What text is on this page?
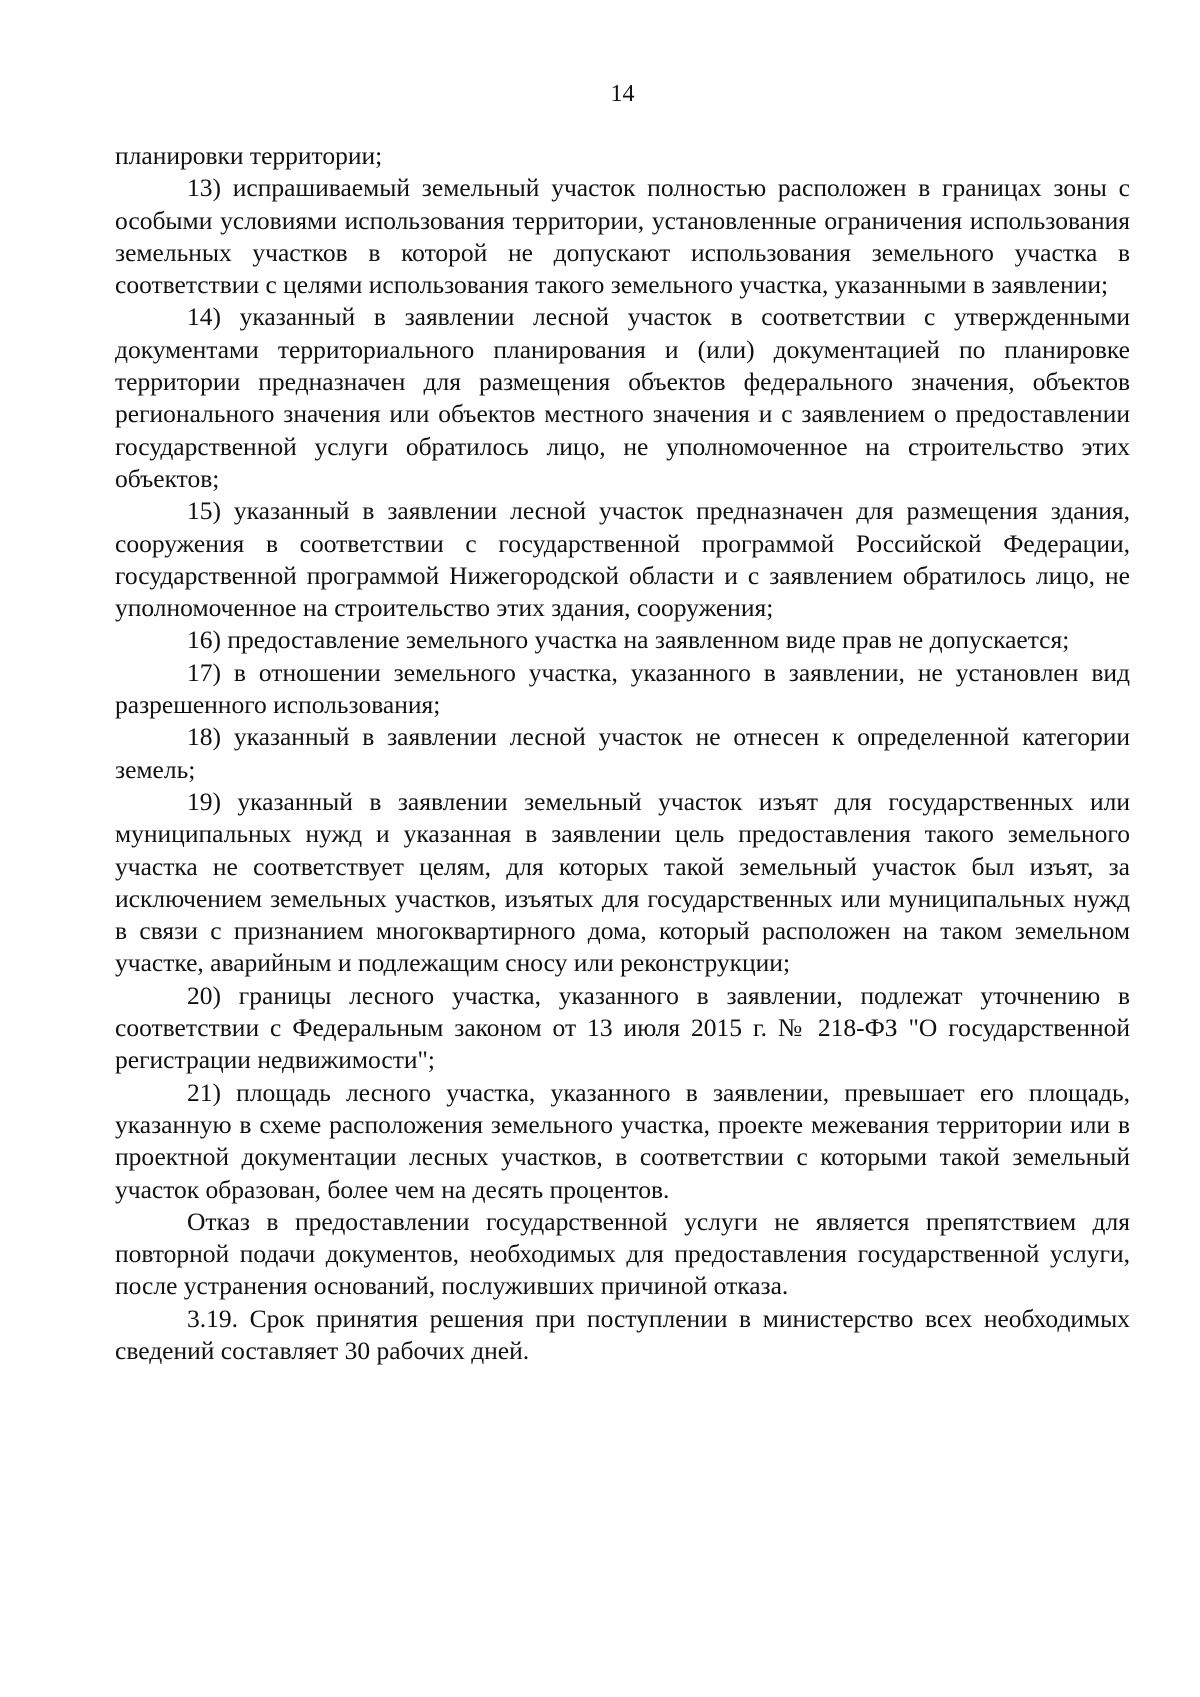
14

планировки территории;

13) испрашиваемый земельный участок полностью расположен в границах зоны с особыми условиями использования территории, установленные ограничения использования земельных участков в которой не допускают использования земельного участка в соответствии с целями использования такого земельного участка, указанными в заявлении;

14) указанный в заявлении лесной участок в соответствии с утвержденными документами территориального планирования и (или) документацией по планировке территории предназначен для размещения объектов федерального значения, объектов регионального значения или объектов местного значения и с заявлением о предоставлении государственной услуги обратилось лицо, не уполномоченное на строительство этих объектов;

15) указанный в заявлении лесной участок предназначен для размещения здания, сооружения в соответствии с государственной программой Российской Федерации, государственной программой Нижегородской области и с заявлением обратилось лицо, не уполномоченное на строительство этих здания, сооружения;

16) предоставление земельного участка на заявленном виде прав не допускается;

17) в отношении земельного участка, указанного в заявлении, не установлен вид разрешенного использования;

18) указанный в заявлении лесной участок не отнесен к определенной категории земель;

19) указанный в заявлении земельный участок изъят для государственных или муниципальных нужд и указанная в заявлении цель предоставления такого земельного участка не соответствует целям, для которых такой земельный участок был изъят, за исключением земельных участков, изъятых для государственных или муниципальных нужд в связи с признанием многоквартирного дома, который расположен на таком земельном участке, аварийным и подлежащим сносу или реконструкции;

20) границы лесного участка, указанного в заявлении, подлежат уточнению в соответствии с Федеральным законом от 13 июля 2015 г. № 218-ФЗ "О государственной регистрации недвижимости";

21) площадь лесного участка, указанного в заявлении, превышает его площадь, указанную в схеме расположения земельного участка, проекте межевания территории или в проектной документации лесных участков, в соответствии с которыми такой земельный участок образован, более чем на десять процентов.

Отказ в предоставлении государственной услуги не является препятствием для повторной подачи документов, необходимых для предоставления государственной услуги, после устранения оснований, послуживших причиной отказа.

3.19. Срок принятия решения при поступлении в министерство всех необходимых сведений составляет 30 рабочих дней.
